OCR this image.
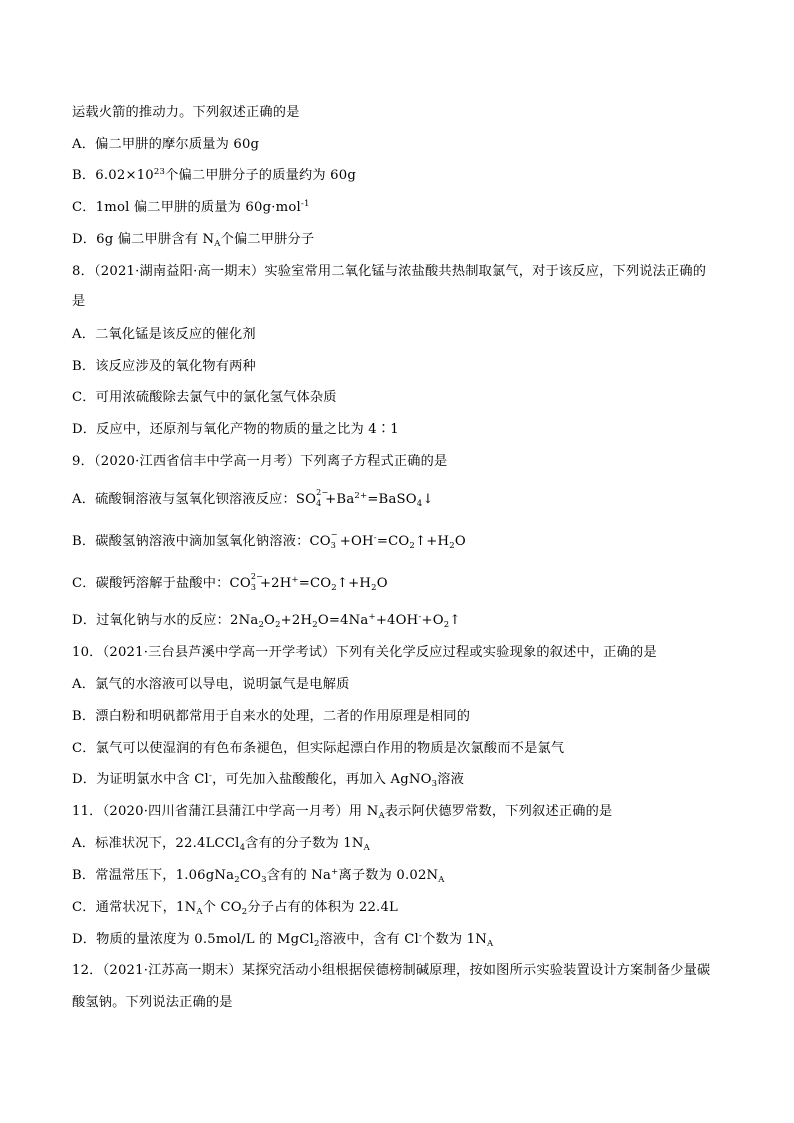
运载火箭的推动力。下列叙述正确的是
A．偏二甲肼的摩尔质量为 60g
B．$6.02\times 10^{23}$个偏二甲肼分子的质量约为 60g
C．1mol 偏二甲肼的质量为 60g·mol$^{-1}$
D．6g 偏二甲肼含有 $N_A$个偏二甲肼分子
8．（2021·湖南益阳·高一期末）实验室常用二氧化锰与浓盐酸共热制取氯气，对于该反应，下列说法正确的
是
A．二氧化锰是该反应的催化剂
B．该反应涉及的氧化物有两种
C．可用浓硫酸除去氯气中的氯化氢气体杂质
D．反应中，还原剂与氧化产物的物质的量之比为 4∶1
9．（2020·江西省信丰中学高一月考）下列离子方程式正确的是
A．硫酸铜溶液与氢氧化钡溶液反应：SO 2−
$4 +Ba^{2+}=BaSO_4↓$
B．碳酸氢钠溶液中滴加氢氧化钠溶液：CO −
$3 +OH^-=CO_2↑+H_2O$
C．碳酸钙溶解于盐酸中：CO 2−
$3 +2H^+=CO_2↑+H_2O$
D．过氧化钠与水的反应：$2Na_2O_2+2H_2O=4Na^++4OH^-+O_2↑$
10．（2021·三台县芦溪中学高一开学考试）下列有关化学反应过程或实验现象的叙述中，正确的是
A．氯气的水溶液可以导电，说明氯气是电解质
B．漂白粉和明矾都常用于自来水的处理，二者的作用原理是相同的
C．氯气可以使湿润的有色布条褪色，但实际起漂白作用的物质是次氯酸而不是氯气
D．为证明氯水中含 Cl-，可先加入盐酸酸化，再加入 AgNO$_3$溶液
11．（2020·四川省蒲江县蒲江中学高一月考）用 $N_A$表示阿伏德罗常数，下列叙述正确的是
A．标准状况下，22.4LCCl$_4$含有的分子数为 $1N_A$
B．常温常压下，$1.06gNa_2CO_3$含有的 Na+离子数为 $0.02N_A$
C．通常状况下，$1N_A$个 $CO_2$分子占有的体积为 22.4L
D．物质的量浓度为 0.5mol/L 的 MgCl$_2$溶液中，含有 Cl-个数为 $1N_A$
12．（2021·江苏高一期末）某探究活动小组根据侯德榜制碱原理，按如图所示实验装置设计方案制备少量碳
酸氢钠。下列说法正确的是
